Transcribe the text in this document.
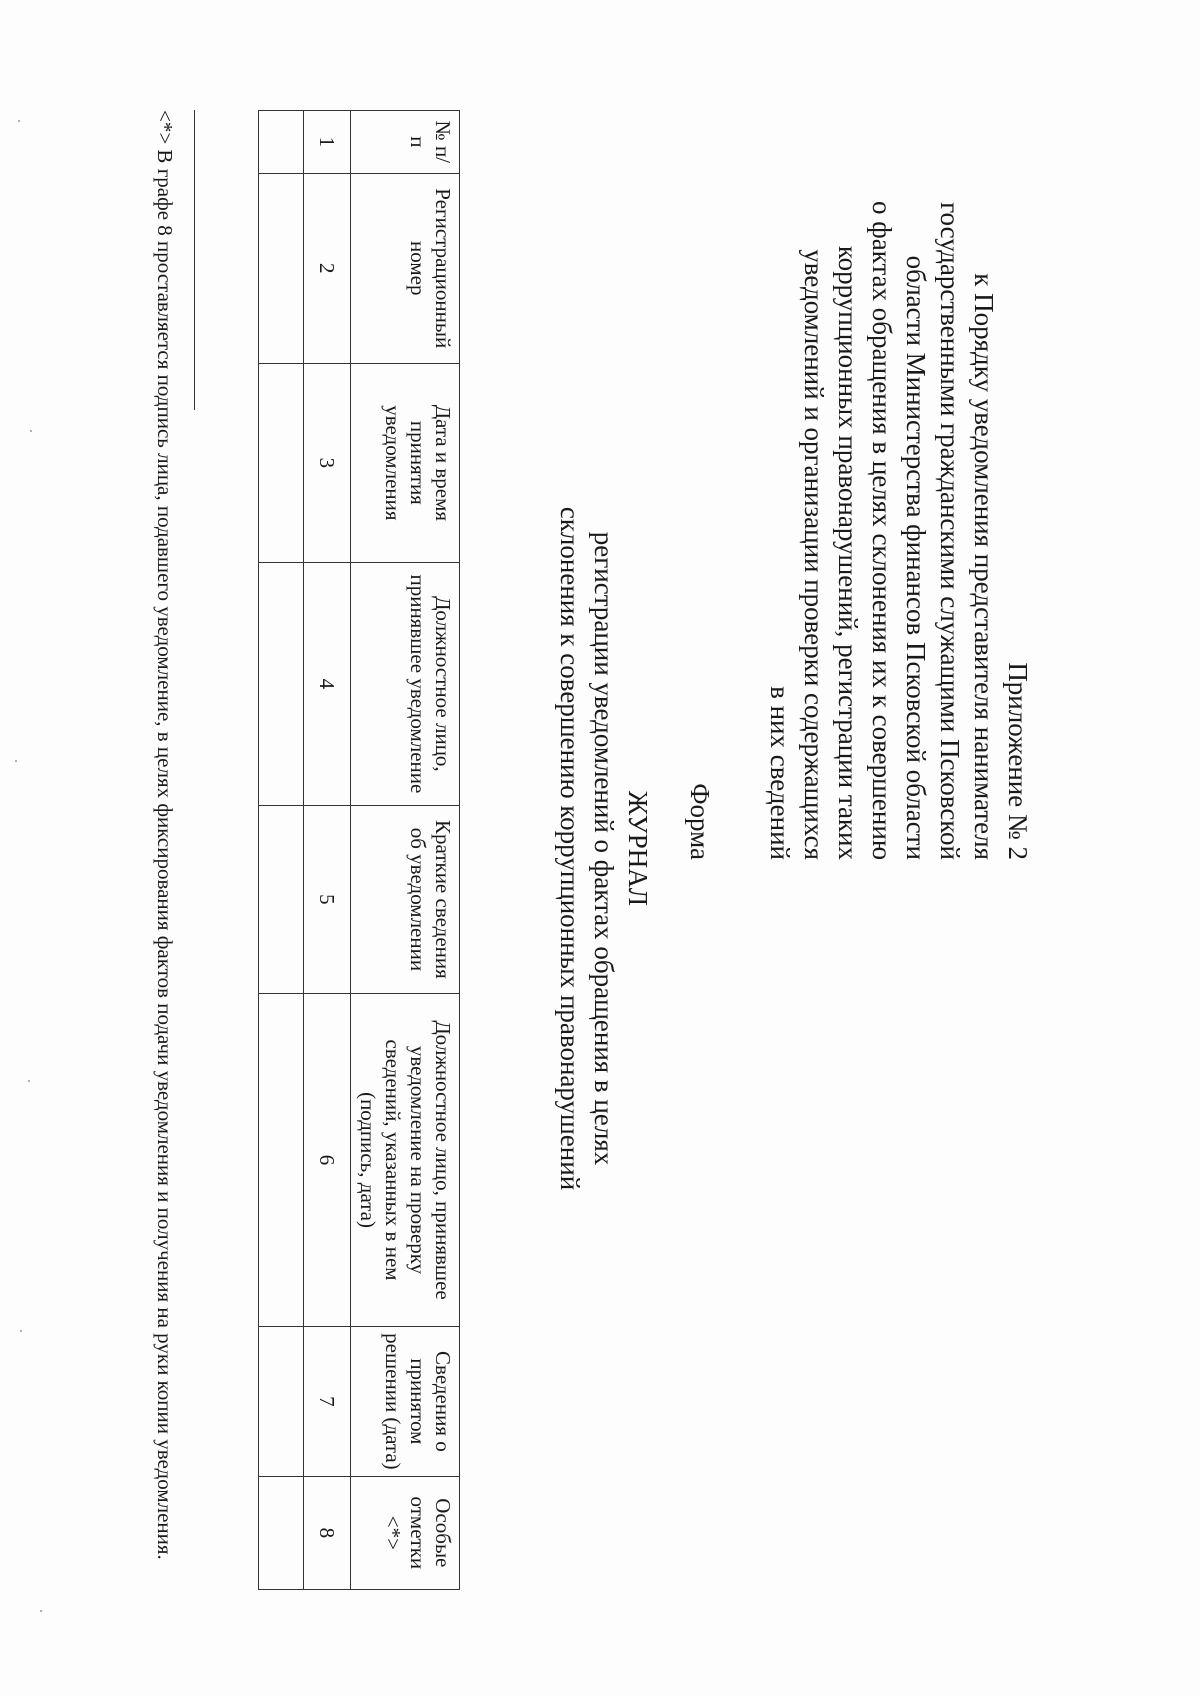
Приложение № 2
к Порядку уведомления представителя нанимателя
государственными гражданскими служащими Псковской
области Министерства финансов Псковской области
о фактах обращения в целях склонения их к совершению
коррупционных правонарушений, регистрации таких
уведомлений и организации проверки содержащихся
в них сведений
Форма
ЖУРНАЛ
регистрации уведомлений о фактах обращения в целях
склонения к совершению коррупционных правонарушений
№ п/п	Регистрационный номер	Дата и время принятия уведомления	Должностное лицо, принявшее уведомление	Краткие сведения об уведомлении	Должностное лицо, принявшее уведомление на проверку сведений, указанных в нем (подпись, дата)	Сведения о принятом решении (дата)	Особые отметки <*>
1	2	3	4	5	6	7	8

<*> В графе 8 проставляется подпись лица, подавшего уведомление, в целях фиксирования фактов подачи уведомления и получения на руки копии уведомления.
